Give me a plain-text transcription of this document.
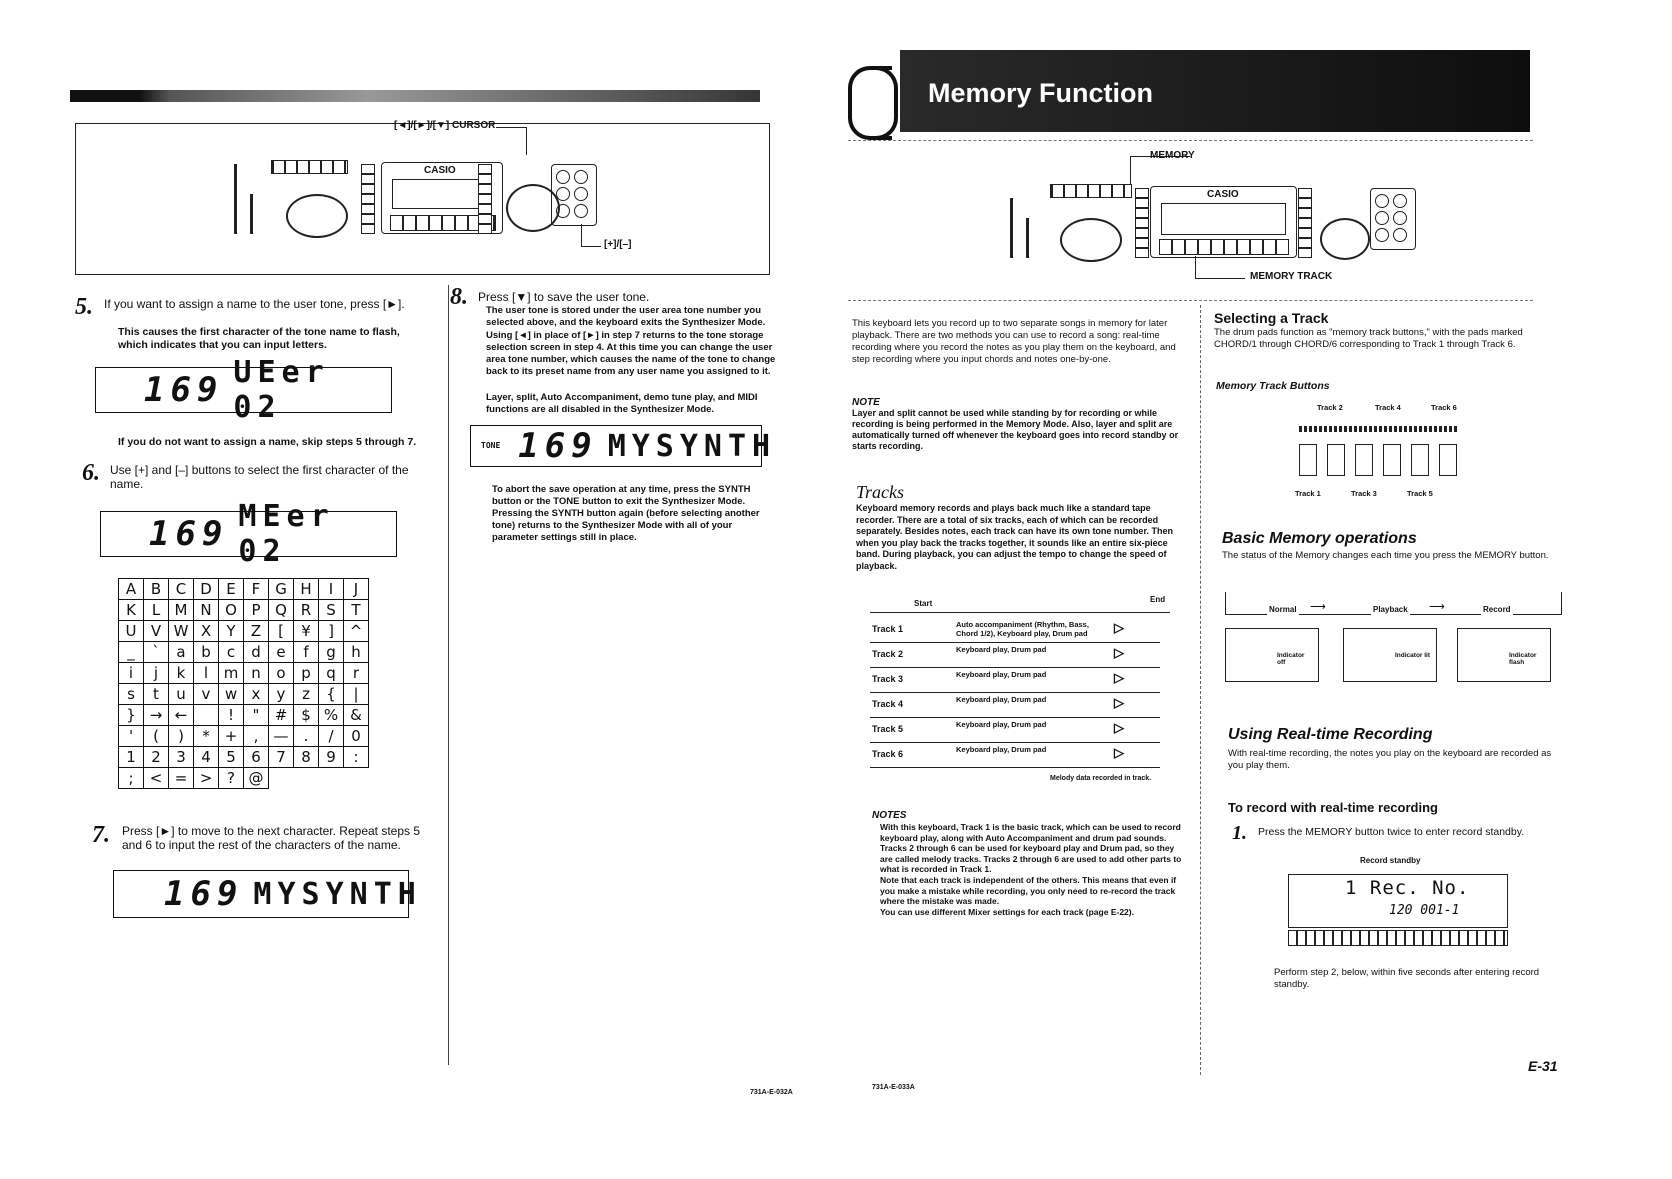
[◄]/[►]/[▼] CURSOR
CASIO
[+]/[–]
5. If you want to assign a name to the user tone, press [►].
This causes the first character of the tone name to flash, which indicates that you can input letters.
169 UEer 02
If you do not want to assign a name, skip steps 5 through 7.
6. Use [+] and [–] buttons to select the first character of the name.
169 MEer 02
A	B	C	D	E	F	G	H	I	J
K	L	M	N	O	P	Q	R	S	T
U	V	W	X	Y	Z	[	¥	]	^
_	`	a	b	c	d	e	f	g	h
i	j	k	l	m	n	o	p	q	r
s	t	u	v	w	x	y	z	{	|
}	→	←		!	"	#	$	%	&
'	(	)	*	+	,	—	.	/	0
1	2	3	4	5	6	7	8	9	:
;	<	=	>	?	@				
7. Press [►] to move to the next character. Repeat steps 5 and 6 to input the rest of the characters of the name.
169 MYSYNTH
8. Press [▼] to save the user tone.
The user tone is stored under the user area tone number you selected above, and the keyboard exits the Synthesizer Mode.
Using [◄] in place of [►] in step 7 returns to the tone storage selection screen in step 4. At this time you can change the user area tone number, which causes the name of the tone to change back to its preset name from any user name you assigned to it.
Layer, split, Auto Accompaniment, demo tune play, and MIDI functions are all disabled in the Synthesizer Mode.
TONE 169 MYSYNTH
To abort the save operation at any time, press the SYNTH button or the TONE button to exit the Synthesizer Mode. Pressing the SYNTH button again (before selecting another tone) returns to the Synthesizer Mode with all of your parameter settings still in place.
731A-E-032A
Memory Function
MEMORY
CASIO
MEMORY TRACK
This keyboard lets you record up to two separate songs in memory for later playback. There are two methods you can use to record a song: real-time recording where you record the notes as you play them on the keyboard, and step recording where you input chords and notes one-by-one.
NOTE
Layer and split cannot be used while standing by for recording or while recording is being performed in the Memory Mode. Also, layer and split are automatically turned off whenever the keyboard goes into record standby or starts recording.
Tracks
Keyboard memory records and plays back much like a standard tape recorder. There are a total of six tracks, each of which can be recorded separately. Besides notes, each track can have its own tone number. Then when you play back the tracks together, it sounds like an entire six-piece band. During playback, you can adjust the tempo to change the speed of playback.
Start	End
Track 1	Auto accompaniment (Rhythm, Bass, Chord 1/2), Keyboard play, Drum pad	▷
Track 2	Keyboard play, Drum pad	▷
Track 3	Keyboard play, Drum pad	▷
Track 4	Keyboard play, Drum pad	▷
Track 5	Keyboard play, Drum pad	▷
Track 6	Keyboard play, Drum pad	▷
Melody data recorded in track.
NOTES
With this keyboard, Track 1 is the basic track, which can be used to record keyboard play, along with Auto Accompaniment and drum pad sounds. Tracks 2 through 6 can be used for keyboard play and Drum pad, so they are called melody tracks. Tracks 2 through 6 are used to add other parts to what is recorded in Track 1.
Note that each track is independent of the others. This means that even if you make a mistake while recording, you only need to re-record the track where the mistake was made.
You can use different Mixer settings for each track (page E-22).
Selecting a Track
The drum pads function as "memory track buttons," with the pads marked CHORD/1 through CHORD/6 corresponding to Track 1 through Track 6.
Memory Track Buttons
Track 2	Track 4	Track 6
Track 1	Track 3	Track 5
Basic Memory operations
The status of the Memory changes each time you press the MEMORY button.
Normal ⟶	Playback ⟶	Record
Indicator off
Indicator lit	Indicator flash
Using Real-time Recording
With real-time recording, the notes you play on the keyboard are recorded as you play them.
To record with real-time recording
1. Press the MEMORY button twice to enter record standby.
Record standby
1 Rec. No.
120 001-1
Perform step 2, below, within five seconds after entering record standby.
731A-E-033A
E-31
